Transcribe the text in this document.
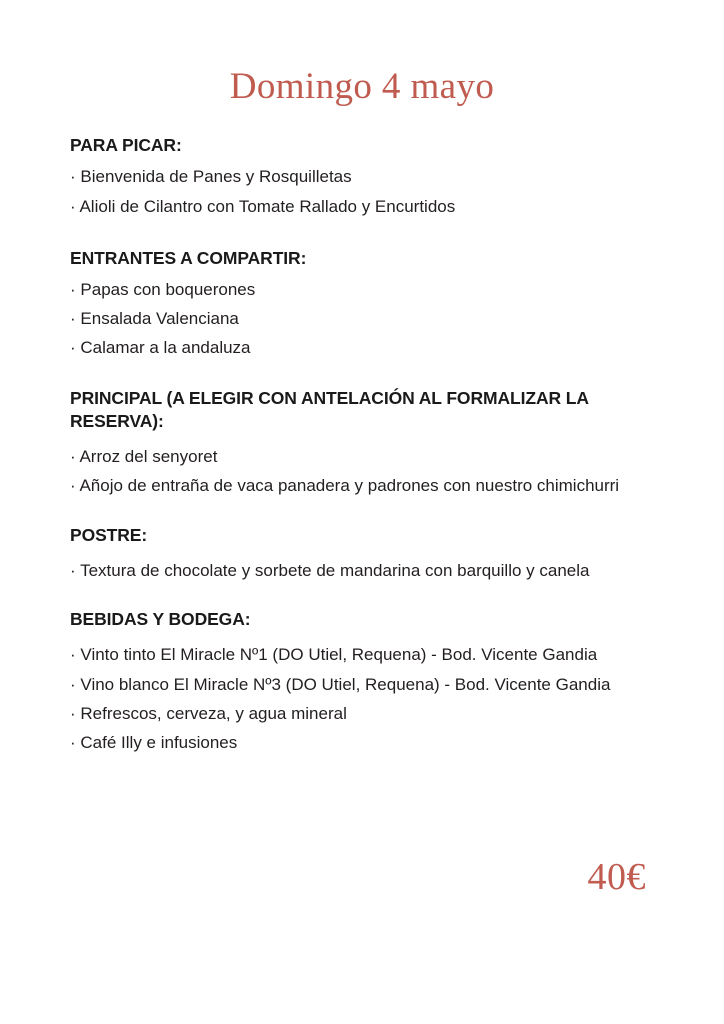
Domingo 4 mayo
PARA PICAR:
· Bienvenida de Panes y Rosquilletas
· Alioli de Cilantro con Tomate Rallado y Encurtidos
ENTRANTES A COMPARTIR:
· Papas con boquerones
· Ensalada Valenciana
· Calamar a la andaluza
PRINCIPAL (A ELEGIR CON ANTELACIÓN AL FORMALIZAR LA RESERVA):
· Arroz del senyoret
· Añojo de entraña de vaca panadera y padrones con nuestro chimichurri
POSTRE:
· Textura de chocolate y sorbete de mandarina con barquillo y canela
BEBIDAS Y BODEGA:
· Vinto tinto El Miracle Nº1 (DO Utiel, Requena) - Bod. Vicente Gandia
· Vino blanco El Miracle Nº3 (DO Utiel, Requena) - Bod. Vicente Gandia
· Refrescos, cerveza, y agua mineral
· Café Illy e infusiones
40€
